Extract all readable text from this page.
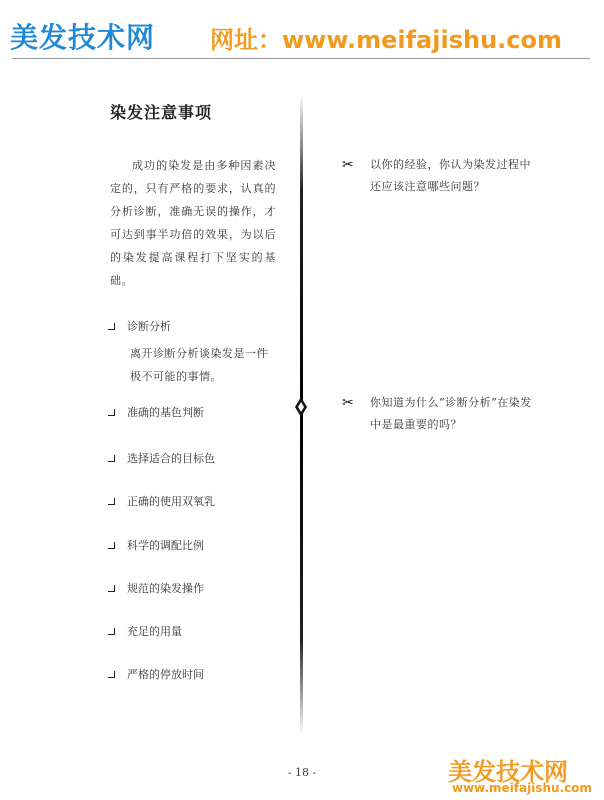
美发技术网 网址：www.meifajishu.com
染发注意事项
成功的染发是由多种因素决定的，只有严格的要求，认真的分析诊断，准确无误的操作，才可达到事半功倍的效果，为以后的染发提高课程打下坚实的基础。
诊断分析
离开诊断分析谈染发是一件极不可能的事情。
准确的基色判断
选择适合的目标色
正确的使用双氧乳
科学的调配比例
规范的染发操作
充足的用量
严格的停放时间
✂	以你的经验，你认为染发过程中还应该注意哪些问题？
✂	你知道为什么“诊断分析”在染发中是最重要的吗？
- 18 -	美发技术网
www.meifajishu.com
